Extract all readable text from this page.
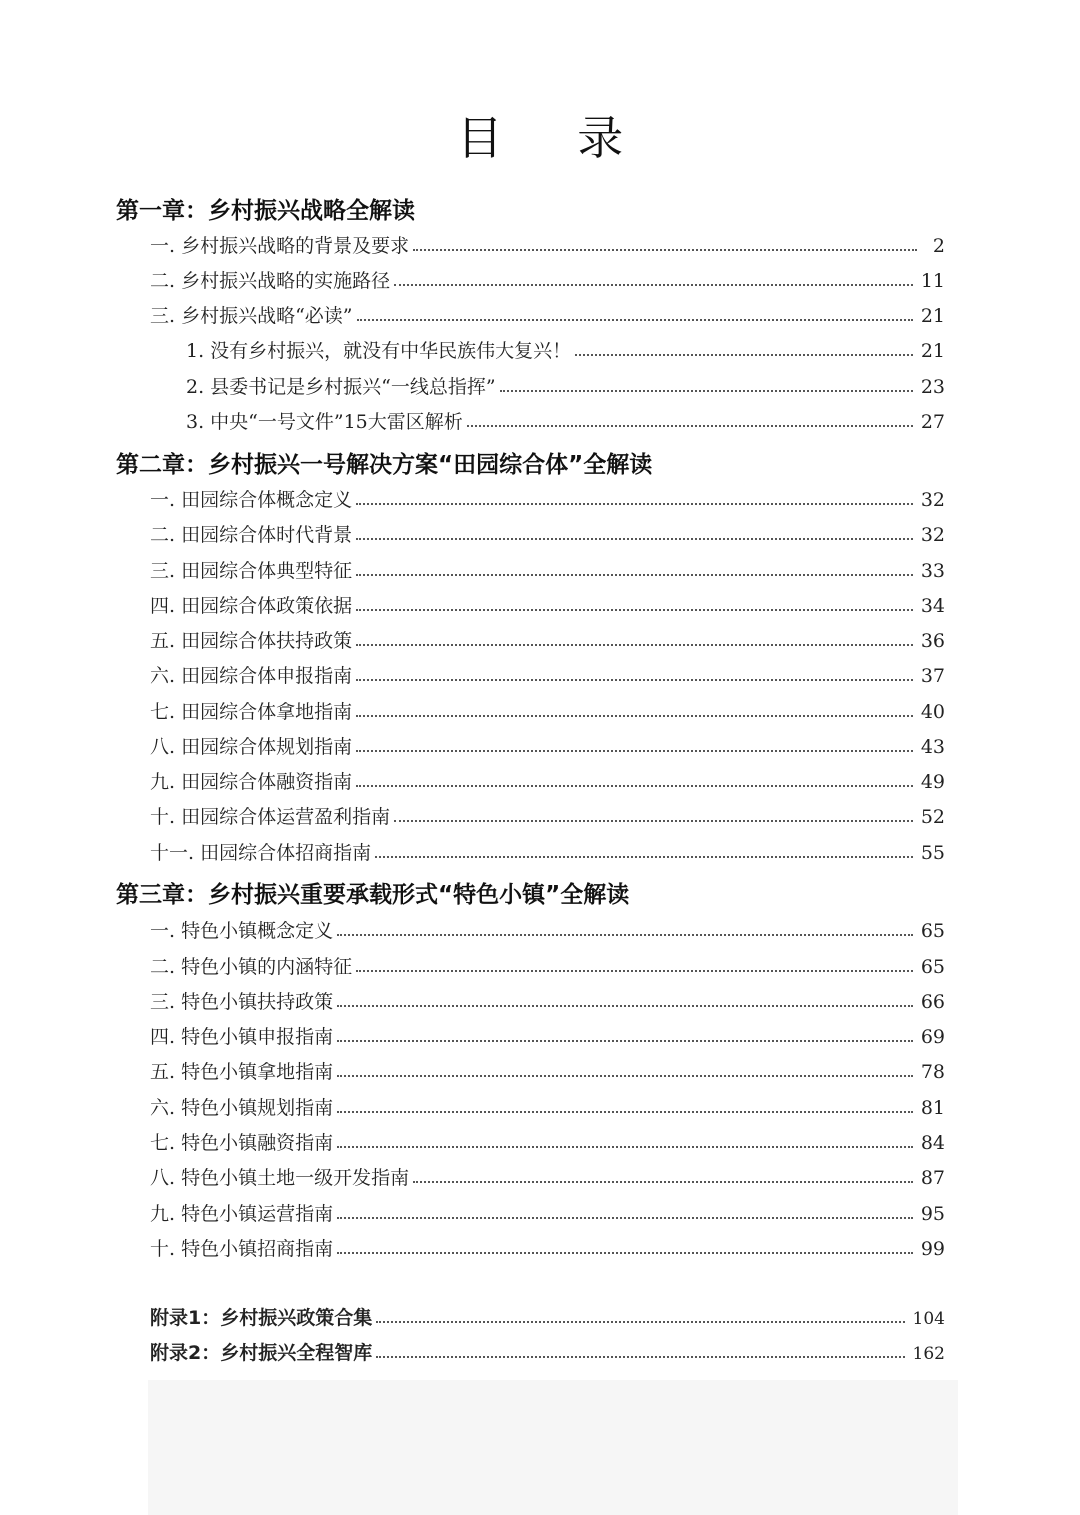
目 录
第一章：乡村振兴战略全解读
一. 乡村振兴战略的背景及要求	2
二. 乡村振兴战略的实施路径	11
三. 乡村振兴战略“必读”	21
1. 没有乡村振兴，就没有中华民族伟大复兴！	21
2. 县委书记是乡村振兴“一线总指挥”	23
3. 中央“一号文件”15大雷区解析	27
第二章：乡村振兴一号解决方案“田园综合体”全解读
一. 田园综合体概念定义	32
二. 田园综合体时代背景	32
三. 田园综合体典型特征	33
四. 田园综合体政策依据	34
五. 田园综合体扶持政策	36
六. 田园综合体申报指南	37
七. 田园综合体拿地指南	40
八. 田园综合体规划指南	43
九. 田园综合体融资指南	49
十. 田园综合体运营盈利指南	52
十一. 田园综合体招商指南	55
第三章：乡村振兴重要承载形式“特色小镇”全解读
一. 特色小镇概念定义	65
二. 特色小镇的内涵特征	65
三. 特色小镇扶持政策	66
四. 特色小镇申报指南	69
五. 特色小镇拿地指南	78
六. 特色小镇规划指南	81
七. 特色小镇融资指南	84
八. 特色小镇土地一级开发指南	87
九. 特色小镇运营指南	95
十. 特色小镇招商指南	99
附录1：乡村振兴政策合集	104
附录2：乡村振兴全程智库	162
